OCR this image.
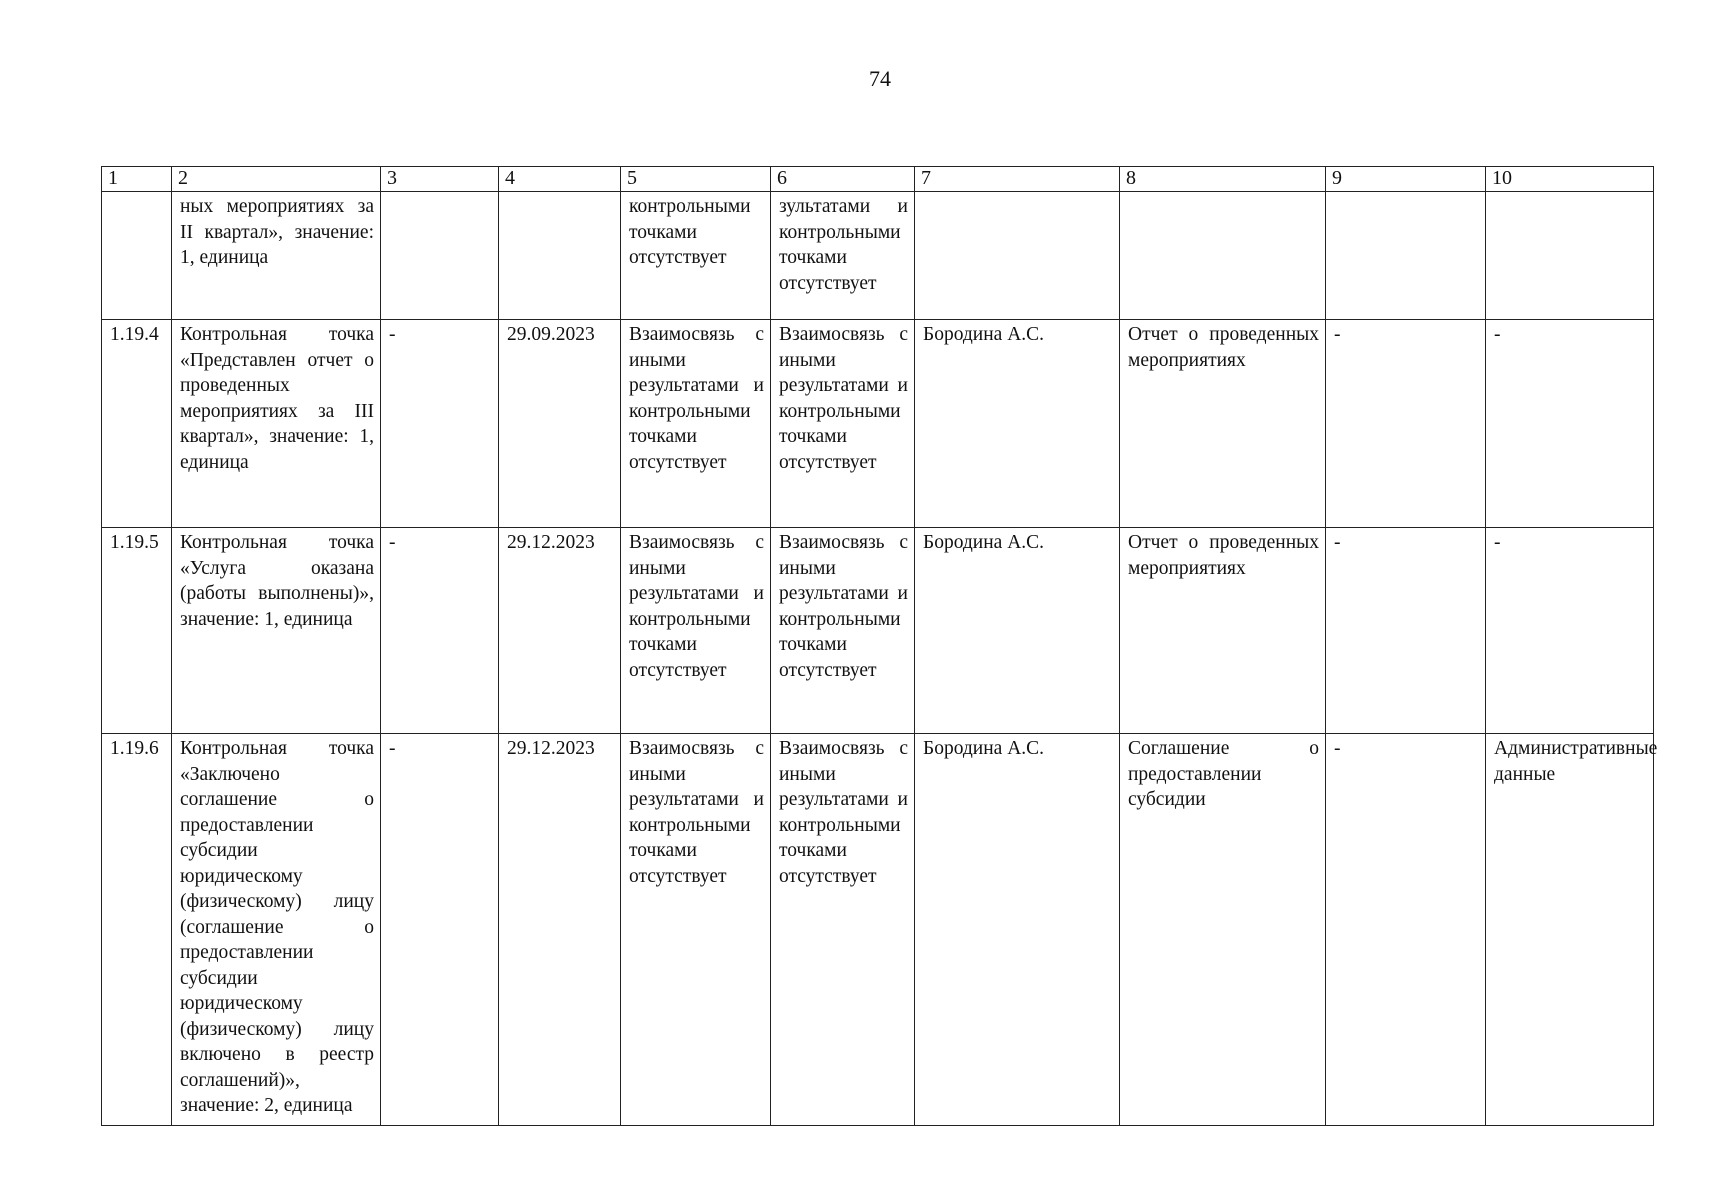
74
1	2	3	4	5	6	7	8	9	10
	ных мероприятиях за II квартал», значение: 1, единица			контрольными точками отсутствует	зультатами и контрольными точками отсутствует				
1.19.4	Контрольная точка «Представлен отчет о проведенных мероприятиях за III квартал», значение: 1, единица	-	29.09.2023	Взаимосвязь с иными результатами и контрольными точками отсутствует	Взаимосвязь с иными результатами и контрольными точками отсутствует	Бородина А.С.	Отчет о проведенных мероприятиях	-	-
1.19.5	Контрольная точка «Услуга оказана (работы выполнены)», значение: 1, единица	-	29.12.2023	Взаимосвязь с иными результатами и контрольными точками отсутствует	Взаимосвязь с иными результатами и контрольными точками отсутствует	Бородина А.С.	Отчет о проведенных мероприятиях	-	-
1.19.6	Контрольная точка «Заключено соглашение о предоставлении субсидии юридическому (физическому) лицу (соглашение о предоставлении субсидии юридическому (физическому) лицу включено в реестр соглашений)», значение: 2, единица	-	29.12.2023	Взаимосвязь с иными результатами и контрольными точками отсутствует	Взаимосвязь с иными результатами и контрольными точками отсутствует	Бородина А.С.	Соглашение о предоставлении субсидии	-	Административные данные
